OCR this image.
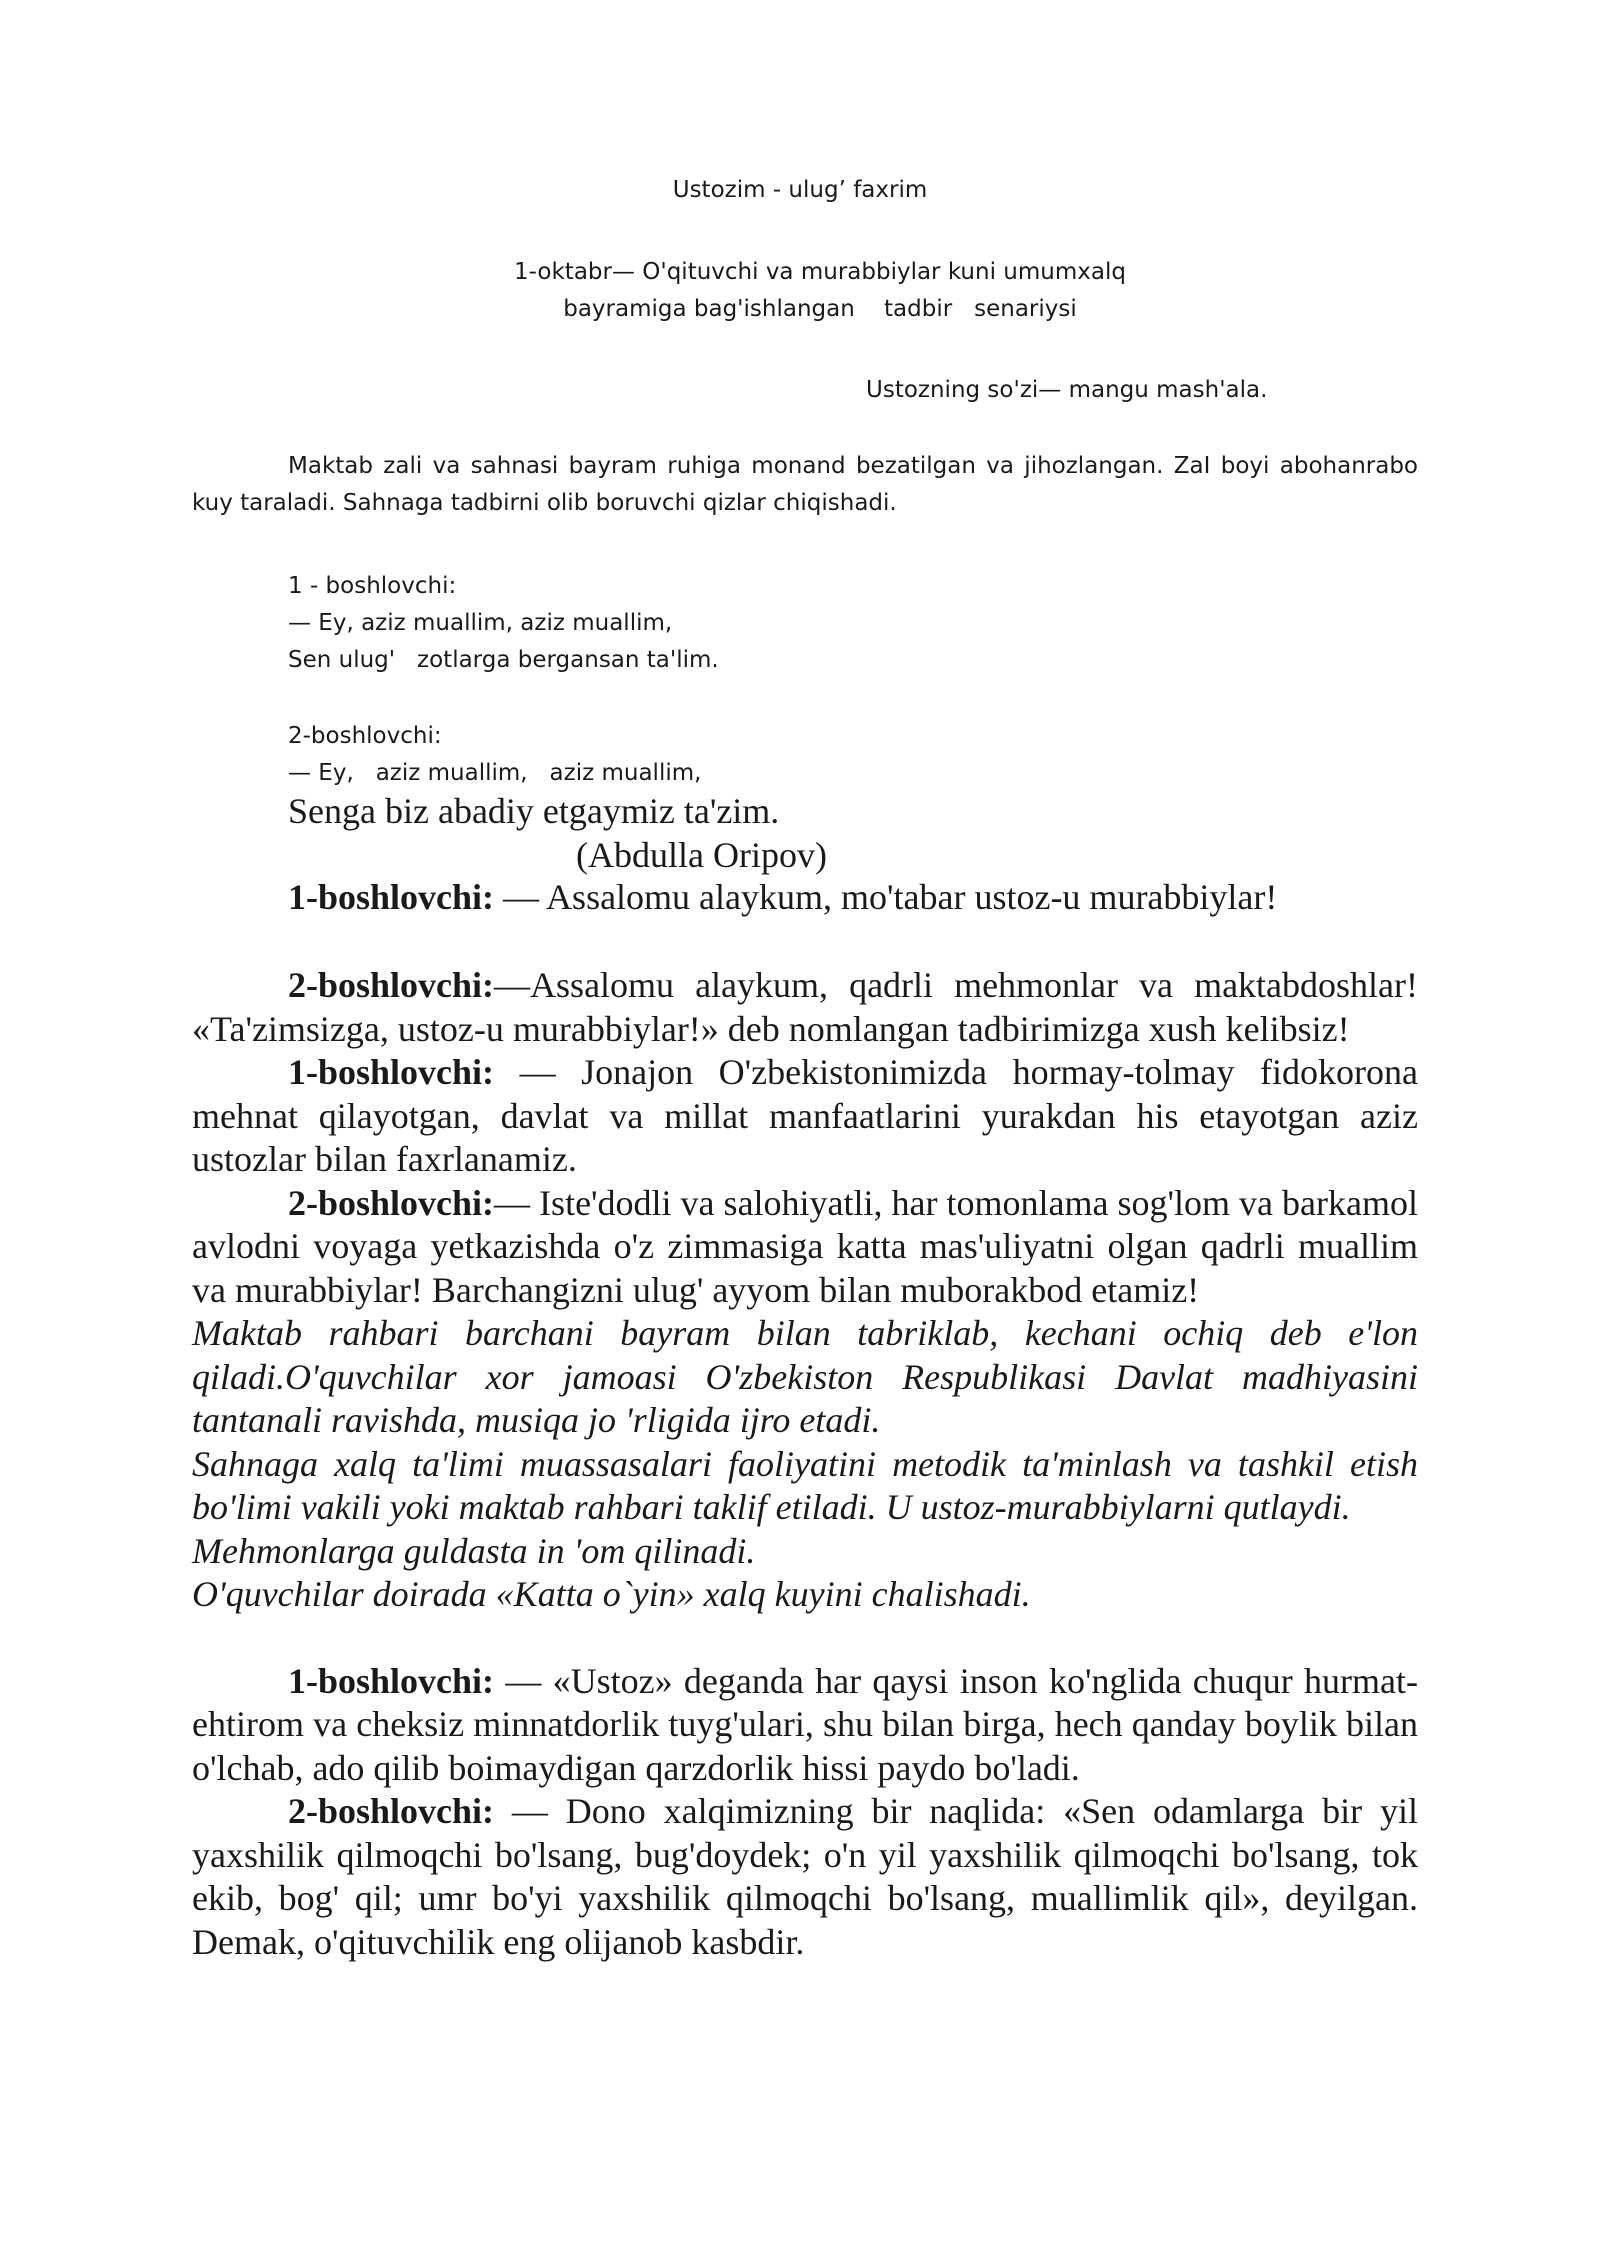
Ustozim - ulug’ faxrim
1-oktabr— O'qituvchi va murabbiylar kuni umumxalq
bayramiga bag'ishlangan    tadbir   senariysi
Ustozning so'zi— mangu mash'ala.
Maktab zali va sahnasi bayram ruhiga monand bezatilgan va jihozlangan. ZaI boyi abohanrabo kuy taraladi. Sahnaga tadbirni olib boruvchi qizlar chiqishadi.
1 - boshlovchi:
— Ey, aziz muallim, aziz muallim,
Sen ulug'   zotlarga bergansan ta'lim.
2-boshlovchi:
— Ey,   aziz muallim,   aziz muallim,
Senga biz abadiy etgaymiz ta'zim.
(Abdulla Oripov)
1-boshlovchi: — Assalomu alaykum, mo'tabar ustoz-u murabbiylar!

2-boshlovchi:—Assalomu alaykum, qadrli mehmonlar va maktabdoshlar! «Ta'zimsizga, ustoz-u murabbiylar!» deb nomlangan tadbirimizga xush kelibsiz!

1-boshlovchi: — Jonajon O'zbekistonimizda hormay-tolmay fidokorona mehnat qilayotgan, davlat va millat manfaatlarini yurakdan his etayotgan aziz ustozlar bilan faxrlanamiz.

2-boshlovchi:— Iste'dodli va salohiyatli, har tomonlama sog'lom va barkamol avlodni voyaga yetkazishda o'z zimmasiga katta mas'uliyatni olgan qadrli muallim va murabbiylar! Barchangizni ulug' ayyom bilan muborakbod etamiz!

Maktab rahbari barchani bayram bilan tabriklab, kechani ochiq deb e'lon qiladi.O'quvchilar xor jamoasi O'zbekiston Respublikasi Davlat madhiyasini tantanali ravishda, musiqa jo 'rligida ijro etadi.

Sahnaga xalq ta'limi muassasalari faoliyatini metodik ta'minlash va tashkil etish bo'limi vakili yoki maktab rahbari taklif etiladi. U ustoz-murabbiylarni qutlaydi.

Mehmonlarga guldasta in 'om qilinadi.

O'quvchilar doirada «Katta o`yin» xalq kuyini chalishadi.

1-boshlovchi: — «Ustoz» deganda har qaysi inson ko'nglida chuqur hurmat-ehtirom va cheksiz minnatdorlik tuyg'ulari, shu bilan birga, hech qanday boylik bilan o'lchab, ado qilib boimaydigan qarzdorlik hissi paydo bo'ladi.

2-boshlovchi: — Dono xalqimizning bir naqlida: «Sen odamlarga bir yil yaxshilik qilmoqchi bo'lsang, bug'doydek; o'n yil yaxshilik qilmoqchi bo'lsang, tok ekib, bog' qil; umr bo'yi yaxshilik qilmoqchi bo'lsang, muallimlik qil», deyilgan. Demak, o'qituvchilik eng olijanob kasbdir.
